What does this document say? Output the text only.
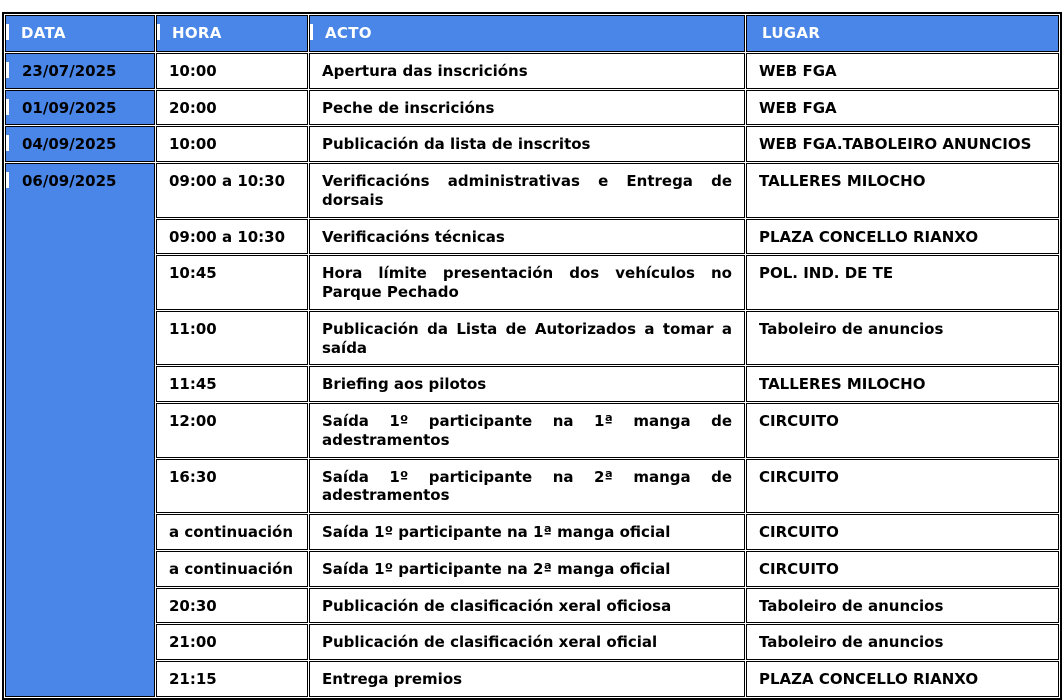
DATA	HORA	ACTO	LUGAR
23/07/2025	10:00	Apertura das inscricións	WEB FGA
01/09/2025	20:00	Peche de inscricións	WEB FGA
04/09/2025	10:00	Publicación da lista de inscritos	WEB FGA.TABOLEIRO ANUNCIOS
06/09/2025	09:00 a 10:30	Verificacións administrativas e Entrega de dorsais	TALLERES MILOCHO
	09:00 a 10:30	Verificacións técnicas	PLAZA CONCELLO RIANXO
	10:45	Hora límite presentación dos vehículos no Parque Pechado	POL. IND. DE TE
	11:00	Publicación da Lista de Autorizados a tomar a saída	Taboleiro de anuncios
	11:45	Briefing aos pilotos	TALLERES MILOCHO
	12:00	Saída 1º participante na 1ª manga de adestramentos	CIRCUITO
	16:30	Saída 1º participante na 2ª manga de adestramentos	CIRCUITO
	a continuación	Saída 1º participante na 1ª manga oficial	CIRCUITO
	a continuación	Saída 1º participante na 2ª manga oficial	CIRCUITO
	20:30	Publicación de clasificación xeral oficiosa	Taboleiro de anuncios
	21:00	Publicación de clasificación xeral oficial	Taboleiro de anuncios
	21:15	Entrega premios	PLAZA CONCELLO RIANXO
